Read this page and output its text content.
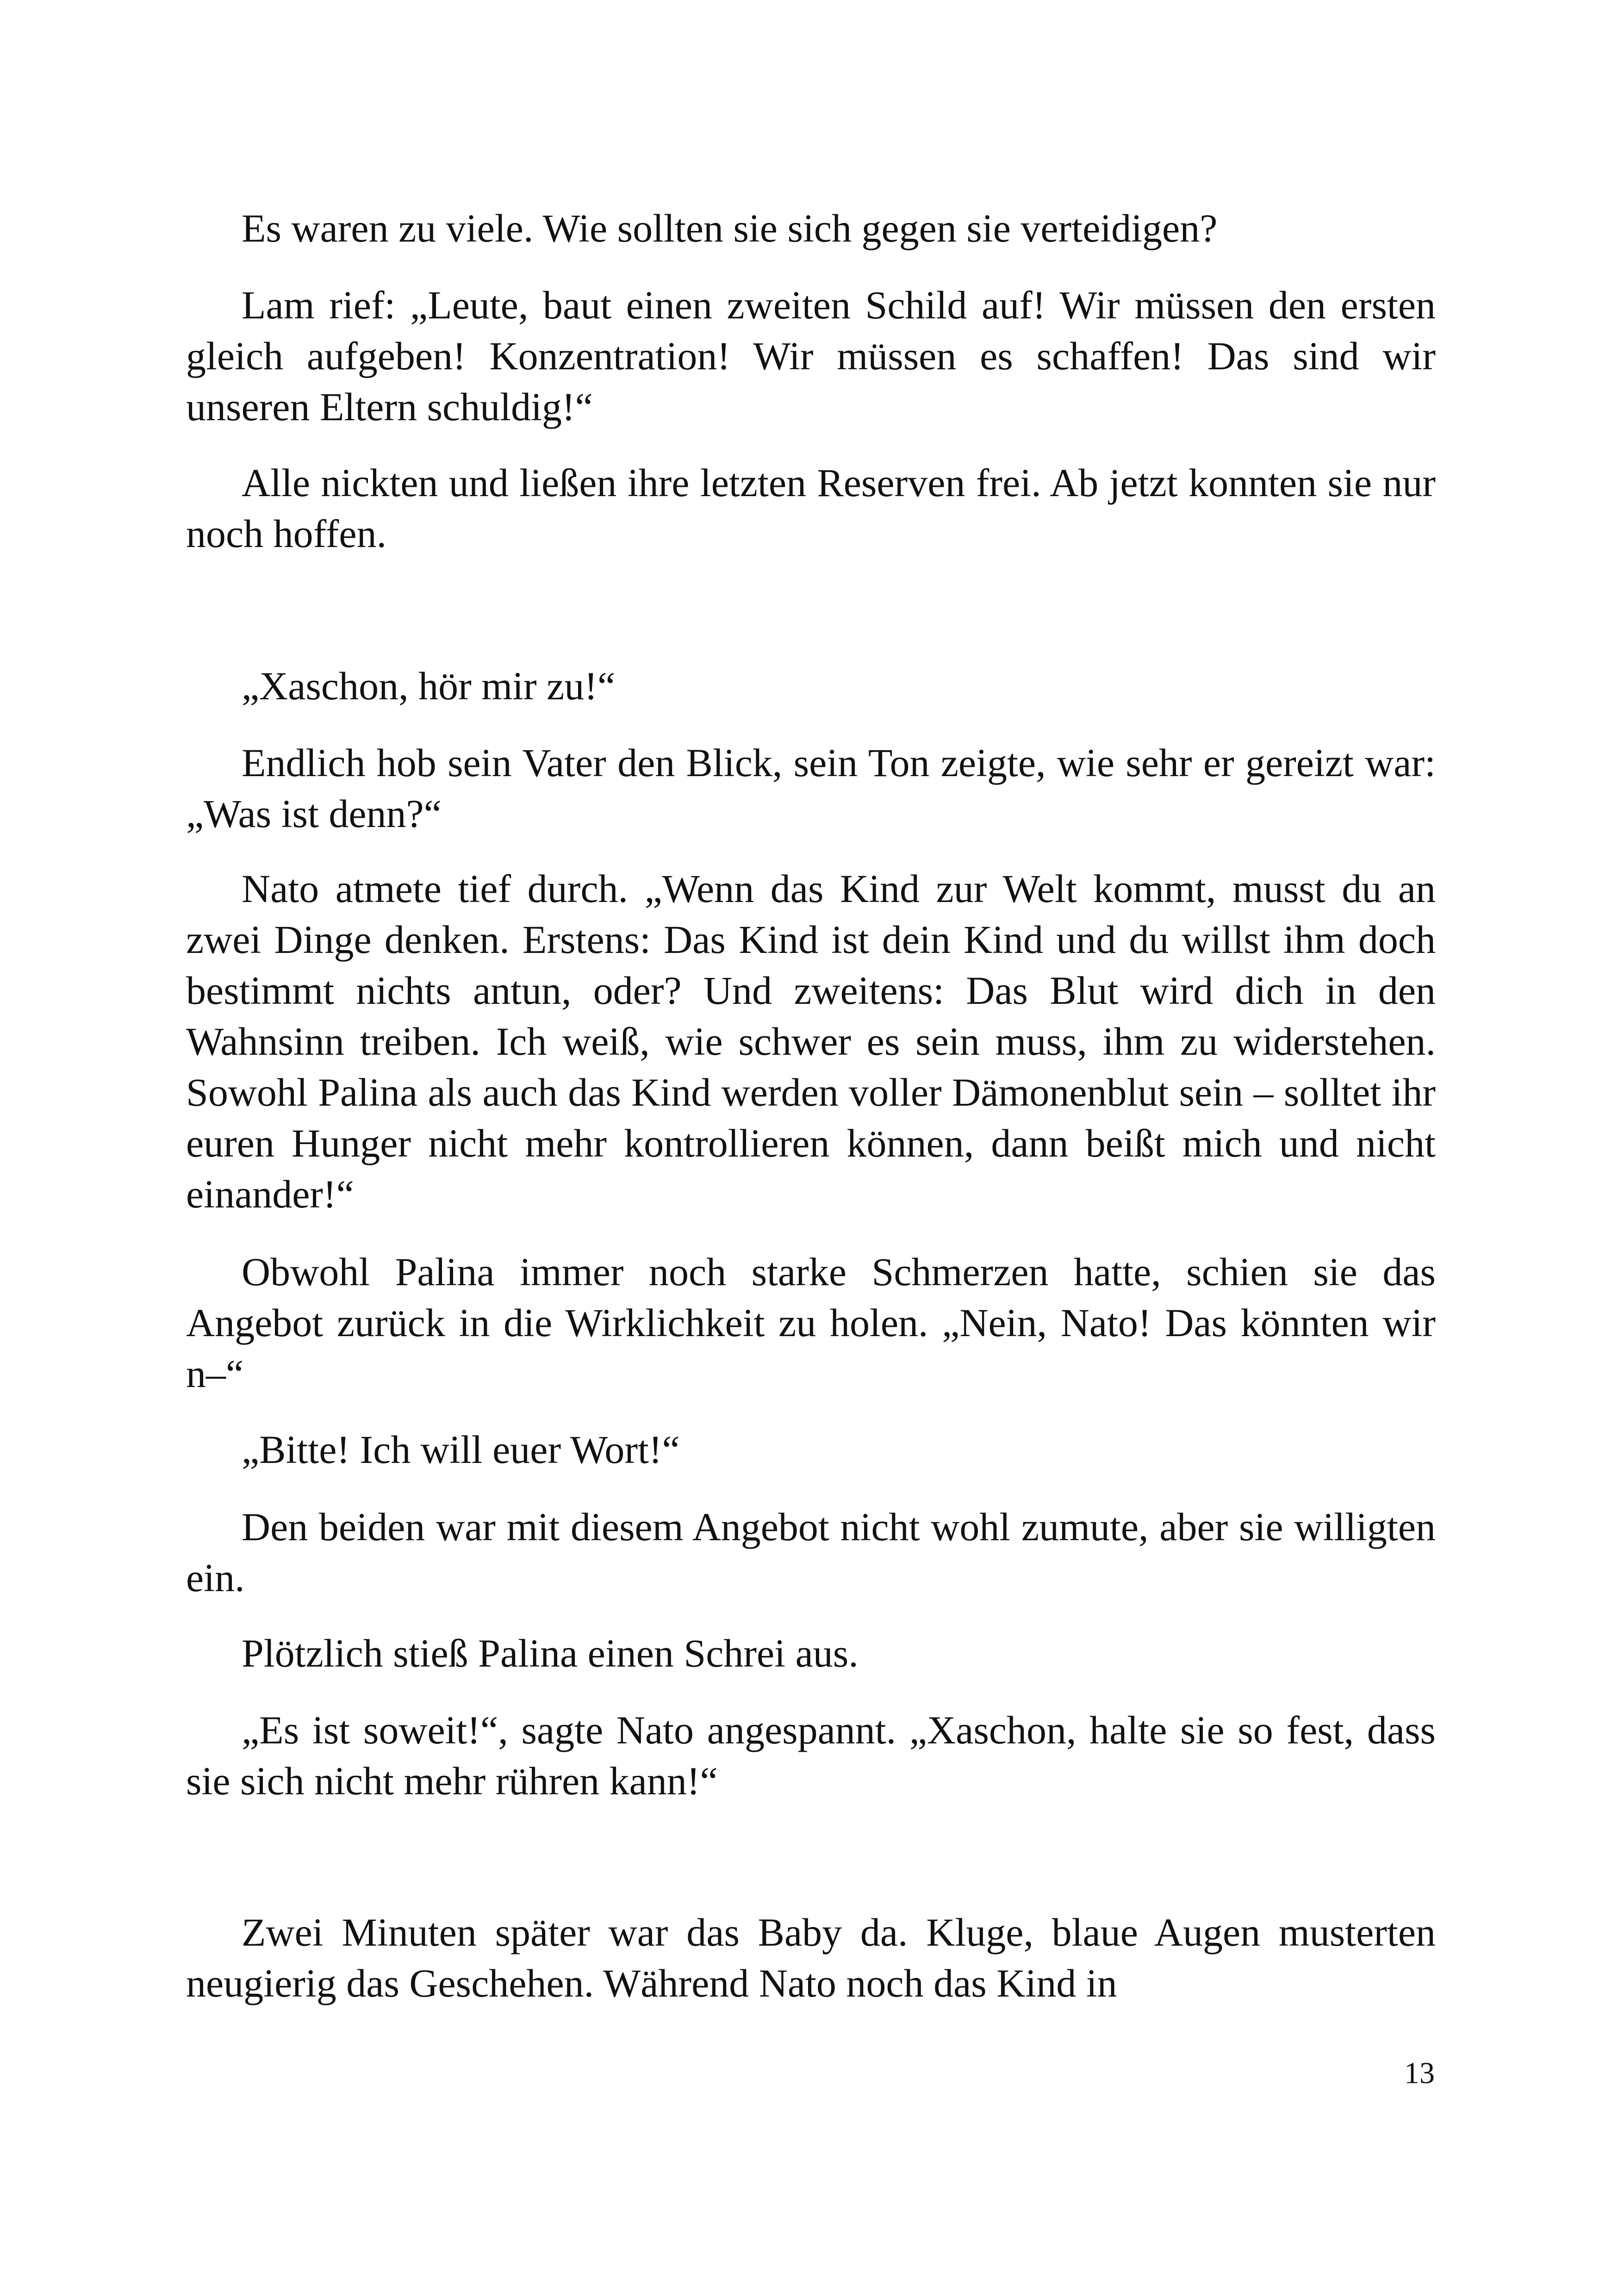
Es waren zu viele. Wie sollten sie sich gegen sie verteidigen?

Lam rief: „Leute, baut einen zweiten Schild auf! Wir müssen den ersten gleich aufgeben! Konzentration! Wir müssen es schaffen! Das sind wir unseren Eltern schuldig!“

Alle nickten und ließen ihre letzten Reserven frei. Ab jetzt konnten sie nur noch hoffen.

„Xaschon, hör mir zu!“

Endlich hob sein Vater den Blick, sein Ton zeigte, wie sehr er gereizt war: „Was ist denn?“

Nato atmete tief durch. „Wenn das Kind zur Welt kommt, musst du an zwei Dinge denken. Erstens: Das Kind ist dein Kind und du willst ihm doch bestimmt nichts antun, oder? Und zweitens: Das Blut wird dich in den Wahnsinn treiben. Ich weiß, wie schwer es sein muss, ihm zu widerstehen. Sowohl Palina als auch das Kind werden voller Dämonenblut sein – solltet ihr euren Hunger nicht mehr kontrollieren können, dann beißt mich und nicht einander!“

Obwohl Palina immer noch starke Schmerzen hatte, schien sie das Angebot zurück in die Wirklichkeit zu holen. „Nein, Nato! Das könnten wir n–“

„Bitte! Ich will euer Wort!“

Den beiden war mit diesem Angebot nicht wohl zumute, aber sie willigten ein.

Plötzlich stieß Palina einen Schrei aus.

„Es ist soweit!“, sagte Nato angespannt. „Xaschon, halte sie so fest, dass sie sich nicht mehr rühren kann!“

Zwei Minuten später war das Baby da. Kluge, blaue Augen musterten neugierig das Geschehen. Während Nato noch das Kind in

13
